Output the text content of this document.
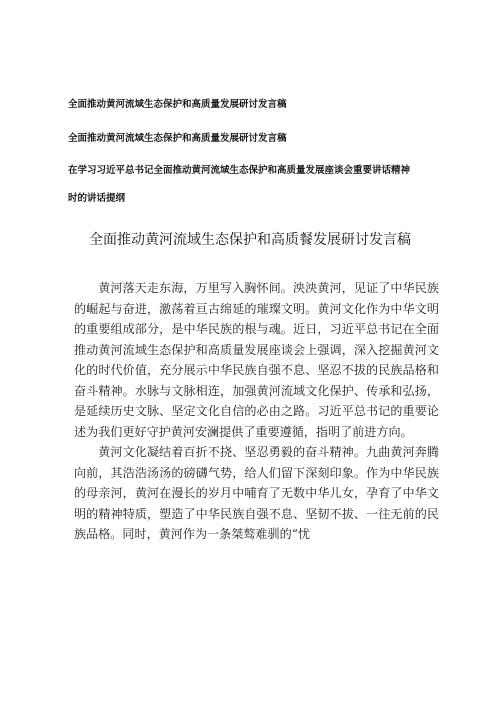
全面推动黄河流域生态保护和高质量发展研讨发言稿
全面推动黄河流域生态保护和高质量发展研讨发言稿
在学习习近平总书记全面推动黄河流域生态保护和高质量发展座谈会重要讲话精神
时的讲话提纲
全面推动黄河流域生态保护和高质餐发展研讨发言稿

黄河落天走东海，万里写入胸怀间。泱泱黄河，见证了中华民族的崛起与奋进，激荡着亘古绵延的璀璨文明。黄河文化作为中华文明的重要组成部分，是中华民族的根与魂。近日，习近平总书记在全面推动黄河流域生态保护和高质量发展座谈会上强调，深入挖掘黄河文化的时代价值，充分展示中华民族自强不息、坚忍不拔的民族品格和奋斗精神。水脉与文脉相连，加强黄河流域文化保护、传承和弘扬，是延续历史文脉、坚定文化自信的必由之路。习近平总书记的重要论述为我们更好守护黄河安澜提供了重要遵循，指明了前进方向。

黄河文化凝结着百折不挠、坚忍勇毅的奋斗精神。九曲黄河奔腾向前，其浩浩汤汤的磅礴气势，给人们留下深刻印象。作为中华民族的母亲河，黄河在漫长的岁月中哺育了无数中华儿女，孕育了中华文明的精神特质，塑造了中华民族自强不息、坚韧不拔、一往无前的民族品格。同时，黄河作为一条桀骜难驯的“忧
